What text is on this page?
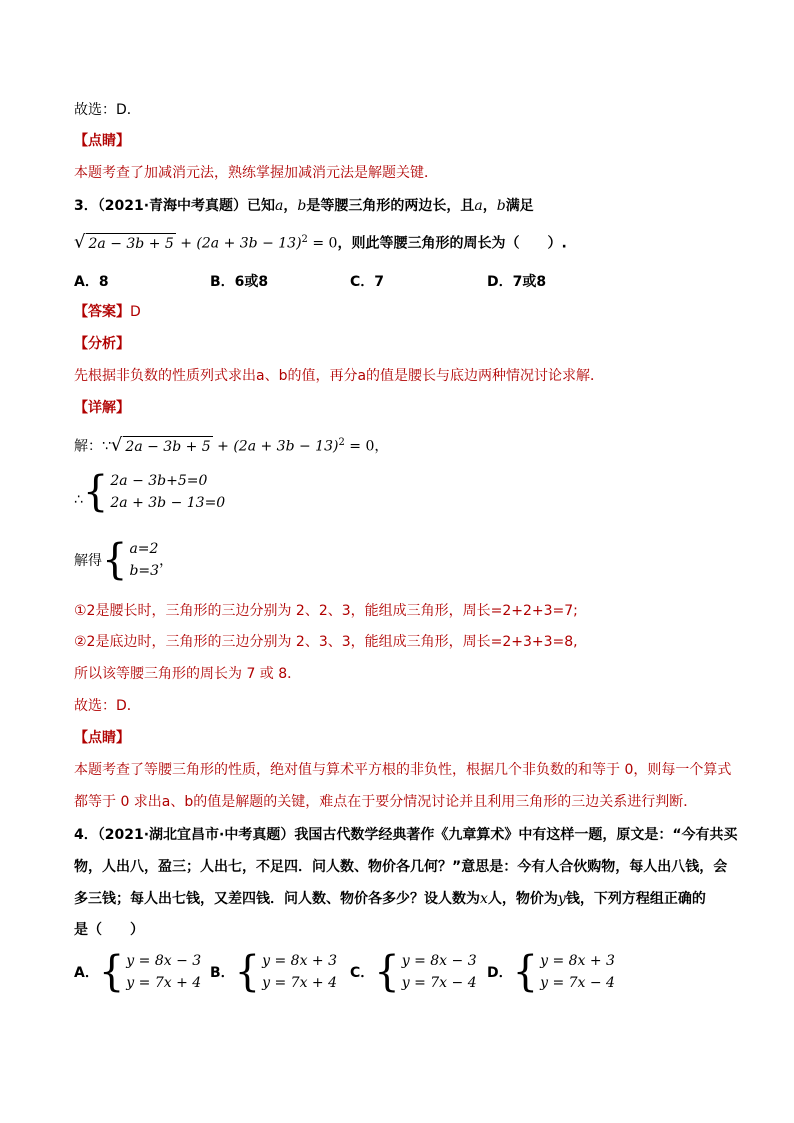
故选：D．
【点睛】
本题考查了加减消元法，熟练掌握加减消元法是解题关键．
3．（2021·青海中考真题）已知a，b是等腰三角形的两边长，且a，b满足
√ $2a - 3b + 5 + (2a + 3b - 13)^2 = 0$，则此等腰三角形的周长为（　　）.
A．8	B．6或8	C．7	D．7或8
【答案】D
【分析】
先根据非负数的性质列式求出a、b的值，再分a的值是腰长与底边两种情况讨论求解．
【详解】
解：∵√ $2a - 3b + 5 + (2a + 3b - 13)^2 = 0$，
∴ { 2a − 3b+5=0
2a + 3b − 13=0
解得 { a=2
b=3
，
①2是腰长时，三角形的三边分别为 2、2、3，能组成三角形，周长=2+2+3=7;
②2是底边时，三角形的三边分别为 2、3、3，能组成三角形，周长=2+3+3=8,
所以该等腰三角形的周长为 7 或 8．
故选：D．
【点睛】
本题考查了等腰三角形的性质，绝对值与算术平方根的非负性，根据几个非负数的和等于 0，则每一个算式
都等于 0 求出a、b的值是解题的关键，难点在于要分情况讨论并且利用三角形的三边关系进行判断．
4．（2021·湖北宜昌市·中考真题）我国古代数学经典著作《九章算术》中有这样一题，原文是：“今有共买
物，人出八，盈三；人出七，不足四．问人数、物价各几何？”意思是：今有人合伙购物，每人出八钱，会
多三钱；每人出七钱，又差四钱．问人数、物价各多少？设人数为x人，物价为y钱，下列方程组正确的
是（　　）
A． { y = 8x − 3
y = 7x + 4
B． { y = 8x + 3
y = 7x + 4
C． { y = 8x − 3
y = 7x − 4
D． { y = 8x + 3
y = 7x − 4
